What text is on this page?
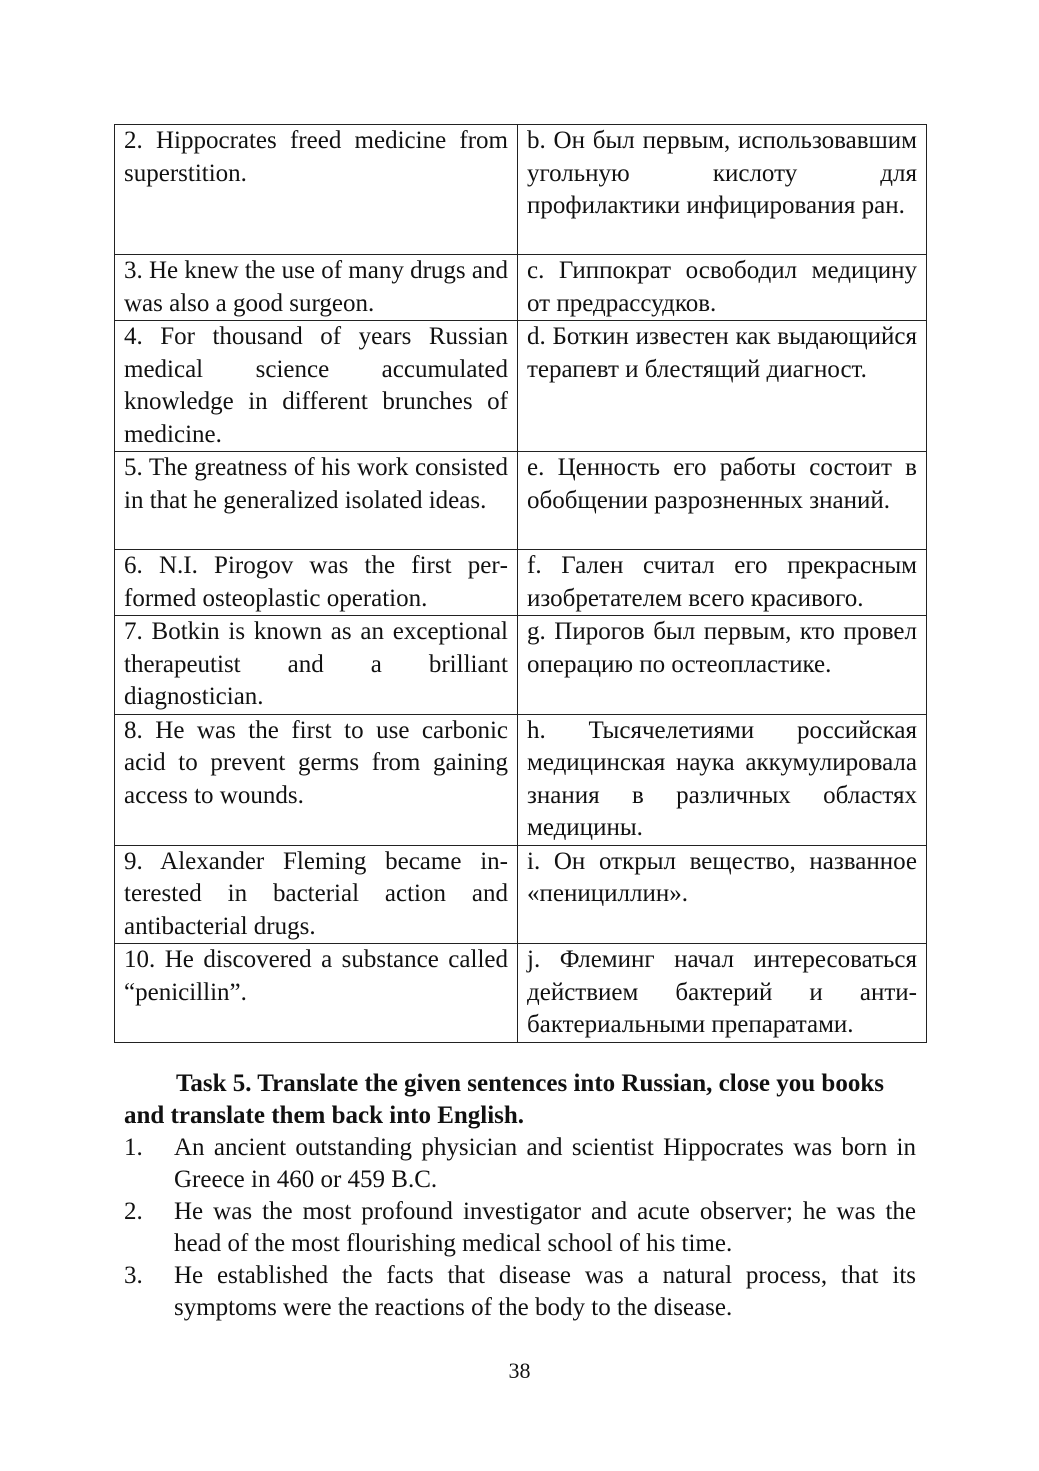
2. Hippocrates freed medicine from superstition.	b. Он был первым, использовавшим угольную кислоту для профилактики инфицирования ран.
3. He knew the use of many drugs and was also a good surgeon.	c. Гиппократ освободил медицину от предрассудков.
4. For thousand of years Russian medical science accumulated knowledge in different brunches of medicine.	d. Боткин известен как выдающийся терапевт и блестящий диагност.
5. The greatness of his work consisted in that he generalized isolated ideas.	e. Ценность его работы состоит в обобщении разрозненных знаний.
6. N.I. Pirogov was the first performed osteoplastic operation.	f. Гален считал его прекрасным изобретателем всего красивого.
7. Botkin is known as an exceptional therapeutist and a brilliant diagnostician.	g. Пирогов был первым, кто провел операцию по остеопластике.
8. He was the first to use carbonic acid to prevent germs from gaining access to wounds.	h. Тысячелетиями российская медицинская наука аккумулировала знания в различных областях медицины.
9. Alexander Fleming became interested in bacterial action and antibacterial drugs.	i. Он открыл вещество, названное «пенициллин».
10. He discovered a substance called “penicillin”.	j. Флеминг начал интересоваться действием бактерий и антибактериальными препаратами.

Task 5. Translate the given sentences into Russian, close you books and translate them back into English.

1. An ancient outstanding physician and scientist Hippocrates was born in Greece in 460 or 459 B.C.
2. He was the most profound investigator and acute observer; he was the head of the most flourishing medical school of his time.
3. He established the facts that disease was a natural process, that its symptoms were the reactions of the body to the disease.
38
